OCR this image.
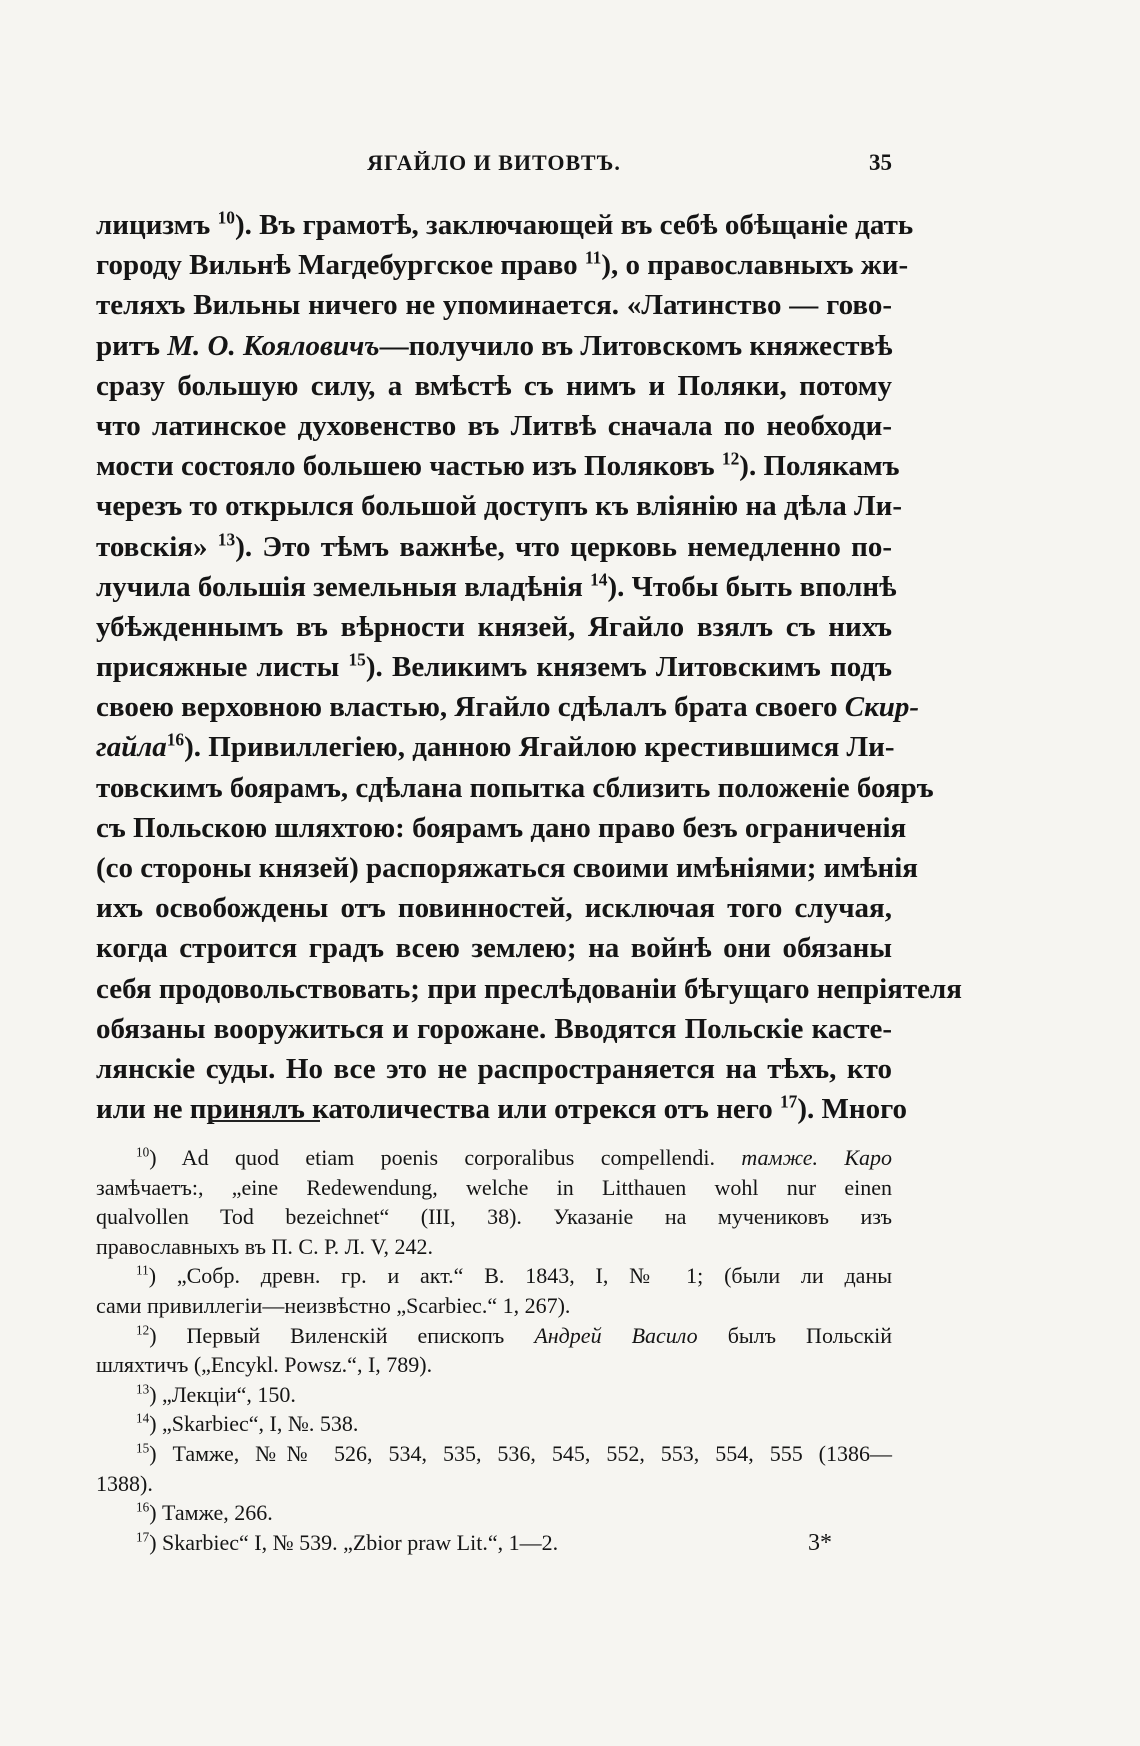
ЯГАЙЛО И ВИТОВТЪ.	35
лицизмъ $^{10}$). Въ грамотѣ, заключающей въ себѣ обѣщаніе дать
городу Вильнѣ Магдебургское право $^{11}$), о православныхъ жи-
теляхъ Вильны ничего не упоминается. «Латинство — гово-
ритъ М. О. Кояловичъ—получило въ Литовскомъ княжествѣ
сразу большую силу, а вмѣстѣ съ нимъ и Поляки, потому
что латинское духовенство въ Литвѣ сначала по необходи-
мости состояло большею частью изъ Поляковъ $^{12}$). Полякамъ
черезъ то открылся большой доступъ къ вліянію на дѣла Ли-
товскія» $^{13}$). Это тѣмъ важнѣе, что церковь немедленно по-
лучила большія земельныя владѣнія $^{14}$). Чтобы быть вполнѣ
убѣжденнымъ въ вѣрности князей, Ягайло взялъ съ нихъ
присяжные листы $^{15}$). Великимъ княземъ Литовскимъ подъ
своею верховною властью, Ягайло сдѣлалъ брата своего Скир-
гайла$^{16}$). Привиллегіею, данною Ягайлою крестившимся Ли-
товскимъ боярамъ, сдѣлана попытка сблизить положеніе бояръ
съ Польскою шляхтою: боярамъ дано право безъ ограниченія
(со стороны князей) распоряжаться своими имѣніями; имѣнія
ихъ освобождены отъ повинностей, исключая того случая,
когда строится градъ всею землею; на войнѣ они обязаны
себя продовольствовать; при преслѣдованіи бѣгущаго непріятеля
обязаны вооружиться и горожане. Вводятся Польскіе касте-
лянскіе суды. Но все это не распространяется на тѣхъ, кто
или не принялъ католичества или отрекся отъ него $^{17}$). Много
$^{10}$) Ad quod etiam poenis corporalibus compellendi. тамже. Каро
замѣчаетъ:, „eine Redewendung, welche in Litthauen wohl nur einen
qualvollen Tod bezeichnet“ (III, 38). Указаніе на мучениковъ изъ
православныхъ въ П. С. Р. Л. V, 242.
$^{11}$) „Собр. древн. гр. и акт.“ В. 1843, I, № 1; (были ли даны
сами привиллегіи—неизвѣстно „Scarbiec.“ 1, 267).
$^{12}$) Первый Виленскій епископъ Андрей Васило былъ Польскій
шляхтичъ („Encykl. Powsz.“, I, 789).
$^{13}$) „Лекціи“, 150.
$^{14}$) „Skarbiec“, I, №. 538.
$^{15}$) Тамже, №№ 526, 534, 535, 536, 545, 552, 553, 554, 555 (1386—
1388).
$^{16}$) Тамже, 266.
$^{17}$) Skarbiec“ I, № 539. „Zbior praw Lit.“, 1—2.	3*
